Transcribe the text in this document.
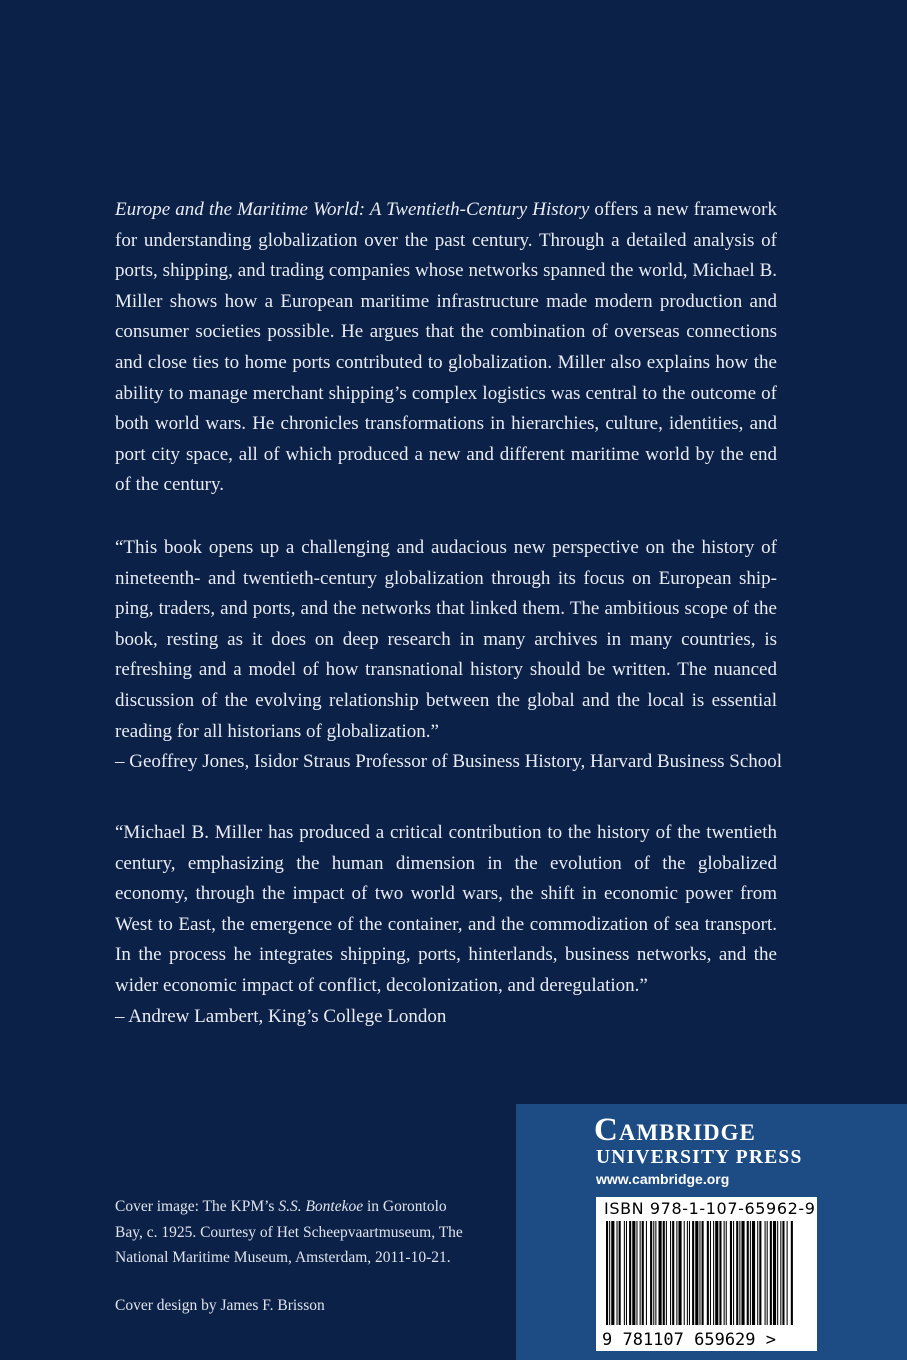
Europe and the Maritime World: A Twentieth-Century History offers a new framework for understanding globalization over the past century. Through a detailed analysis of ports, shipping, and trading companies whose networks spanned the world, Michael B. Miller shows how a European maritime infrastructure made modern production and consumer societies possible. He argues that the combination of overseas connections and close ties to home ports contributed to globalization. Miller also explains how the ability to manage merchant shipping’s complex logistics was central to the outcome of both world wars. He chronicles transformations in hierarchies, culture, identities, and port city space, all of which produced a new and different maritime world by the end of the century.

“This book opens up a challenging and audacious new perspective on the history of nineteenth- and twentieth-century globalization through its focus on European shipping, traders, and ports, and the networks that linked them. The ambitious scope of the book, resting as it does on deep research in many archives in many countries, is refreshing and a model of how transnational history should be written. The nuanced discussion of the evolving relationship between the global and the local is essential reading for all historians of globalization.”
– Geoffrey Jones, Isidor Straus Professor of Business History, Harvard Business School

“Michael B. Miller has produced a critical contribution to the history of the twentieth century, emphasizing the human dimension in the evolution of the globalized economy, through the impact of two world wars, the shift in economic power from West to East, the emergence of the container, and the commodization of sea transport. In the process he integrates shipping, ports, hinterlands, business networks, and the wider economic impact of conflict, decolonization, and deregulation.”
– Andrew Lambert, King’s College London

Cambridge

UNIVERSITY PRESS

www.cambridge.org

ISBN 978-1-107-65962-9

9 781107 659629 >

Cover image: The KPM’s S.S. Bontekoe in Gorontolo Bay, c. 1925. Courtesy of Het Scheepvaartmuseum, The National Maritime Museum, Amsterdam, 2011-10-21.

Cover design by James F. Brisson
